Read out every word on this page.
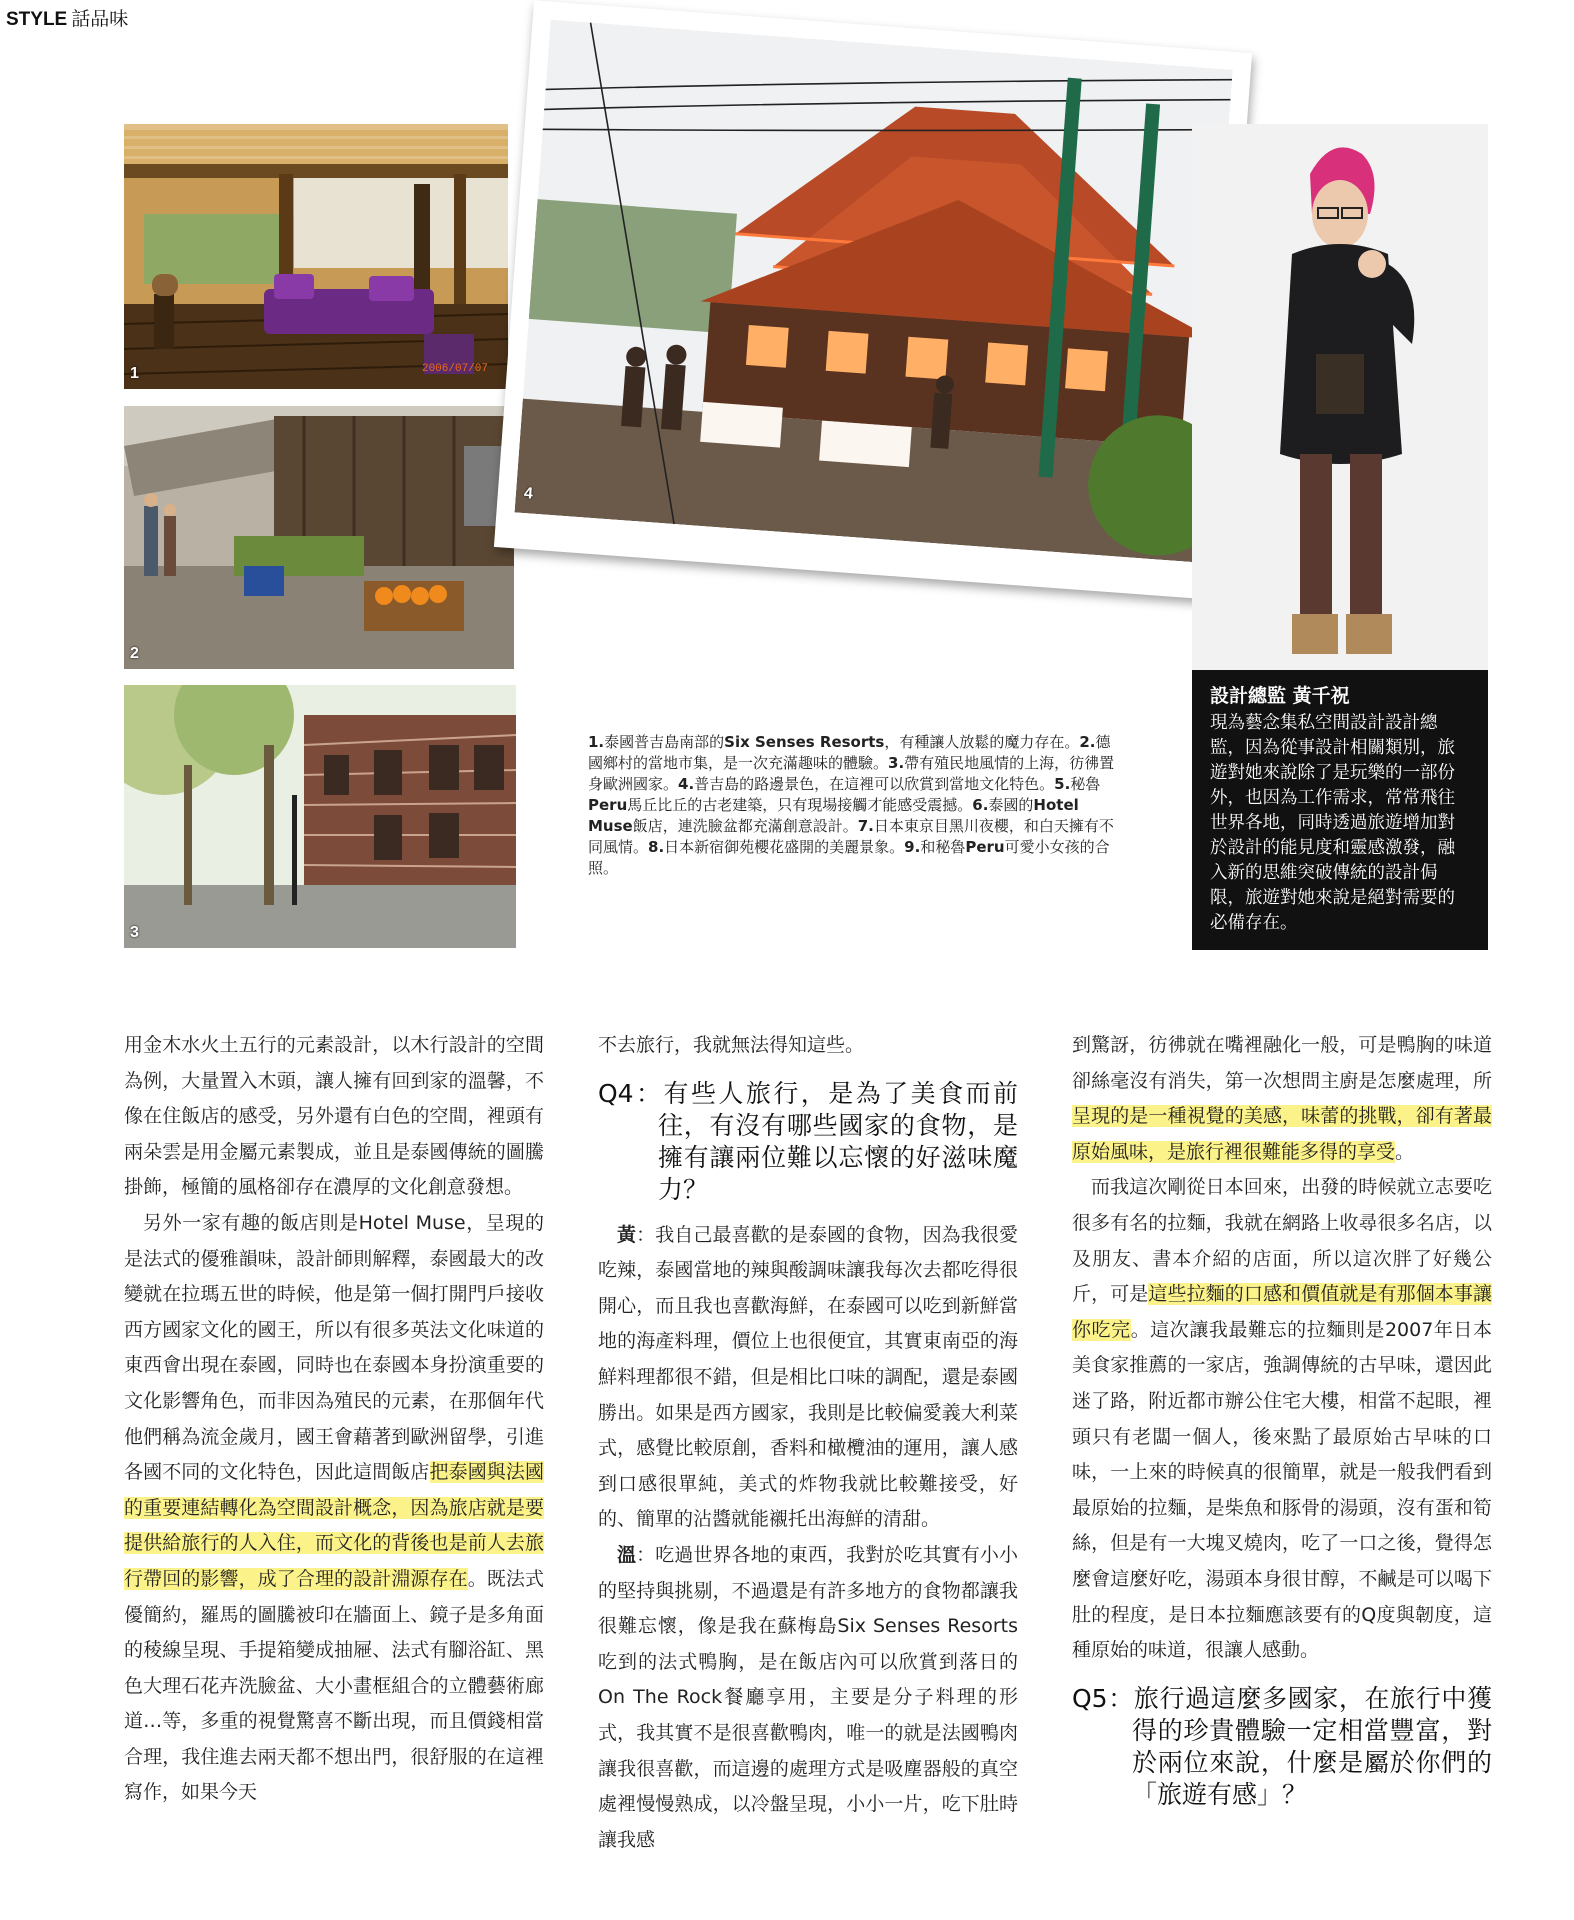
STYLE 話品味
1	2006/07/07
2
3
4
1.泰國普吉島南部的Six Senses Resorts，有種讓人放鬆的魔力存在。2.德國鄉村的當地市集，是一次充滿趣味的體驗。3.帶有殖民地風情的上海，彷彿置身歐洲國家。4.普吉島的路邊景色，在這裡可以欣賞到當地文化特色。5.秘魯Peru馬丘比丘的古老建築，只有現場接觸才能感受震撼。6.泰國的Hotel Muse飯店，連洗臉盆都充滿創意設計。7.日本東京目黑川夜櫻，和白天擁有不同風情。8.日本新宿御苑櫻花盛開的美麗景象。9.和秘魯Peru可愛小女孩的合照。
設計總監 黃千祝
現為藝念集私空間設計設計總監，因為從事設計相關類別，旅遊對她來說除了是玩樂的一部份外，也因為工作需求，常常飛往世界各地，同時透過旅遊增加對於設計的能見度和靈感激發，融入新的思維突破傳統的設計侷限，旅遊對她來說是絕對需要的必備存在。

用金木水火土五行的元素設計，以木行設計的空間為例，大量置入木頭，讓人擁有回到家的溫馨，不像在住飯店的感受，另外還有白色的空間，裡頭有兩朵雲是用金屬元素製成，並且是泰國傳統的圖騰掛飾，極簡的風格卻存在濃厚的文化創意發想。

另外一家有趣的飯店則是Hotel Muse，呈現的是法式的優雅韻味，設計師則解釋，泰國最大的改變就在拉瑪五世的時候，他是第一個打開門戶接收西方國家文化的國王，所以有很多英法文化味道的東西會出現在泰國，同時也在泰國本身扮演重要的文化影響角色，而非因為殖民的元素，在那個年代他們稱為流金歲月，國王會藉著到歐洲留學，引進各國不同的文化特色，因此這間飯店把泰國與法國的重要連結轉化為空間設計概念，因為旅店就是要提供給旅行的人入住，而文化的背後也是前人去旅行帶回的影響，成了合理的設計淵源存在。既法式優簡約，羅馬的圖騰被印在牆面上、鏡子是多角面的稜線呈現、手提箱變成抽屜、法式有腳浴缸、黑色大理石花卉洗臉盆、大小畫框組合的立體藝術廊道…等，多重的視覺驚喜不斷出現，而且價錢相當合理，我住進去兩天都不想出門，很舒服的在這裡寫作，如果今天

不去旅行，我就無法得知這些。

Q4：有些人旅行，是為了美食而前往，有沒有哪些國家的食物，是擁有讓兩位難以忘懷的好滋味魔力？

黃：我自己最喜歡的是泰國的食物，因為我很愛吃辣，泰國當地的辣與酸調味讓我每次去都吃得很開心，而且我也喜歡海鮮，在泰國可以吃到新鮮當地的海產料理，價位上也很便宜，其實東南亞的海鮮料理都很不錯，但是相比口味的調配，還是泰國勝出。如果是西方國家，我則是比較偏愛義大利菜式，感覺比較原創，香料和橄欖油的運用，讓人感到口感很單純，美式的炸物我就比較難接受，好的、簡單的沾醬就能襯托出海鮮的清甜。

溫：吃過世界各地的東西，我對於吃其實有小小的堅持與挑剔，不過還是有許多地方的食物都讓我很難忘懷，像是我在蘇梅島Six Senses Resorts吃到的法式鴨胸，是在飯店內可以欣賞到落日的On The Rock餐廳享用，主要是分子料理的形式，我其實不是很喜歡鴨肉，唯一的就是法國鴨肉讓我很喜歡，而這邊的處理方式是吸塵器般的真空處裡慢慢熟成，以冷盤呈現，小小一片，吃下肚時讓我感

到驚訝，彷彿就在嘴裡融化一般，可是鴨胸的味道卻絲毫沒有消失，第一次想問主廚是怎麼處理，所呈現的是一種視覺的美感，味蕾的挑戰，卻有著最原始風味，是旅行裡很難能多得的享受。

而我這次剛從日本回來，出發的時候就立志要吃很多有名的拉麵，我就在網路上收尋很多名店，以及朋友、書本介紹的店面，所以這次胖了好幾公斤，可是這些拉麵的口感和價值就是有那個本事讓你吃完。這次讓我最難忘的拉麵則是2007年日本美食家推薦的一家店，強調傳統的古早味，還因此迷了路，附近都市辦公住宅大樓，相當不起眼，裡頭只有老闆一個人，後來點了最原始古早味的口味，一上來的時候真的很簡單，就是一般我們看到最原始的拉麵，是柴魚和豚骨的湯頭，沒有蛋和筍絲，但是有一大塊叉燒肉，吃了一口之後，覺得怎麼會這麼好吃，湯頭本身很甘醇，不鹹是可以喝下肚的程度，是日本拉麵應該要有的Q度與韌度，這種原始的味道，很讓人感動。

Q5：旅行過這麼多國家，在旅行中獲得的珍貴體驗一定相當豐富，對於兩位來說，什麼是屬於你們的「旅遊有感」？
